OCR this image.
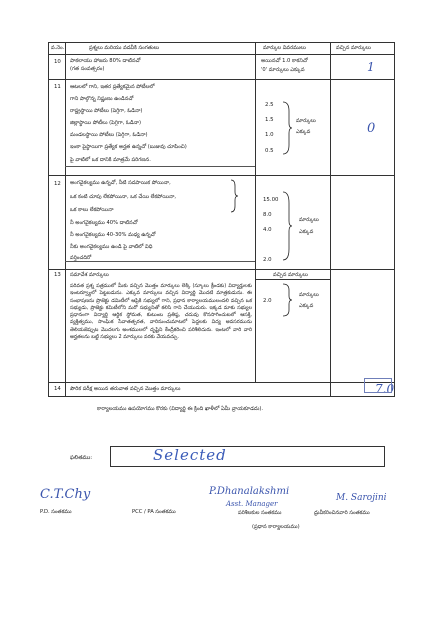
వ.నెం.	ప్రశ్నలు మరియు వదవీకి సంగతులు	మార్కుల వివరములు	వచ్చిన మార్కులు
10 పాకలాయు హాజరు 80% దాటినచో
(గత సంవత్సరం)
అయినచో 1.0 కాకనిచో
'0' మార్కులు ఎక్కువ	1
11 ఆటలలో గాని, ఇతర ప్రత్యేకమైన పోటీలలో
గాని పాల్గొన్న నిష్ణుణు ఉండినచో
రాష్ట్రస్థాయి పోటీలు (పెగ్గిగా, ఓడినా)
జిల్లాస్థాయి పోటీలు (పెగ్గిగా, ఓడినా)
మండలస్థాయి పోటీలు (పెగ్గిగా, ఓడినా)
ఇంకా పైస్థాయిగా ప్రత్యేక అర్హత ఉన్నచో (బుజువు చూపించి)
పై వాటిలో ఒక దానికి మాత్రమే పరిగణన.
2.5
1.5
1.0
0.5
మార్కులు
ఎక్కువ	0
12 అంగవైకల్యము ఉన్నచో, నీటి సదపాయిక పోయినా,
ఒక కంటి చూపు లేకపోయినా, ఒక చేయి లేకపోయినా,
ఒక కాలు లేకపోయినా
నీ అంగవైకల్యము 40% దాటినచో
నీ అంగవైకల్యము 40-30% మధ్య ఉన్నచో
నీకు అంగవైకల్యము ఉండి పై వాటిలో విధి
వర్తించదిరో
15.00
8.0
4.0
2.0
మార్కులు
ఎక్కువ
13 సమావేశ మార్కులు
పరివత ప్రశ్న పత్రములో మీకు వచ్చిన మొత్తం మార్కులు లెక్కి (స్కూలు క్రీండకు) విద్యార్హులకు ఇంటర్వ్యూలో పెట్టబడును. ఎక్కువ మార్కులు వచ్చిన విద్యార్థి మొదటి మాత్రకుడును. ఈ సంభాషణను ప్రొజెక్టు డమిటీలో ఆఫ్రికి సభ్యులో గాని, ప్రధాన కార్యాలయములందలి వచ్చిన ఒక సభ్యుడు, ప్రొజెక్టు కమిటీలోని మరో సభ్యునితో కలిసి గాని చేయుదురు. ఇక్కడ మాకు సభ్యుల ప్రధానంగా విద్యార్థి ఆర్థిక స్థోమత, కుటుంబ ప్రతిష్ఠ, చదువు కొనసాగించుటలో ఆసక్తి, వ్యక్తిత్వము, సాంఘిక సేవాతత్పరత, వారినుంచుమాటలో పెద్దలకు విద్య అవసరమును తెలియజెప్పుట మొదలగు అంశములలో దృష్టిని కేంద్రీకరించి పరిశీలిదురు. ఇంటలో వారి వారి అర్హతలను బట్టి సభ్యులు 2 మార్కులు వరకు వేయవచ్చు.
వచ్చిన మార్కులు
2.0
మార్కులు
ఎక్కువ
14 పౌరిక పరీక్ష అయిన తరువాత వచ్చిన మొత్తం మార్కులు	7.0
కార్యాలయము ఉపయోగము కొరకు (విద్యార్థి ఈ క్రింది ఖాళీలో ఏమీ వ్రాయకూడదు).
ఫలితము:	Selected
C.T.Chy
P.D. సంతకము	PCC / PA సంతకము
P.Dhanalakshmi
Asst. Manager
పరిశీలకుల సంతకము
(ప్రధాన కార్యాలయము)
M. Sarojini
ధ్రువీకరించినవారి సంతకము
